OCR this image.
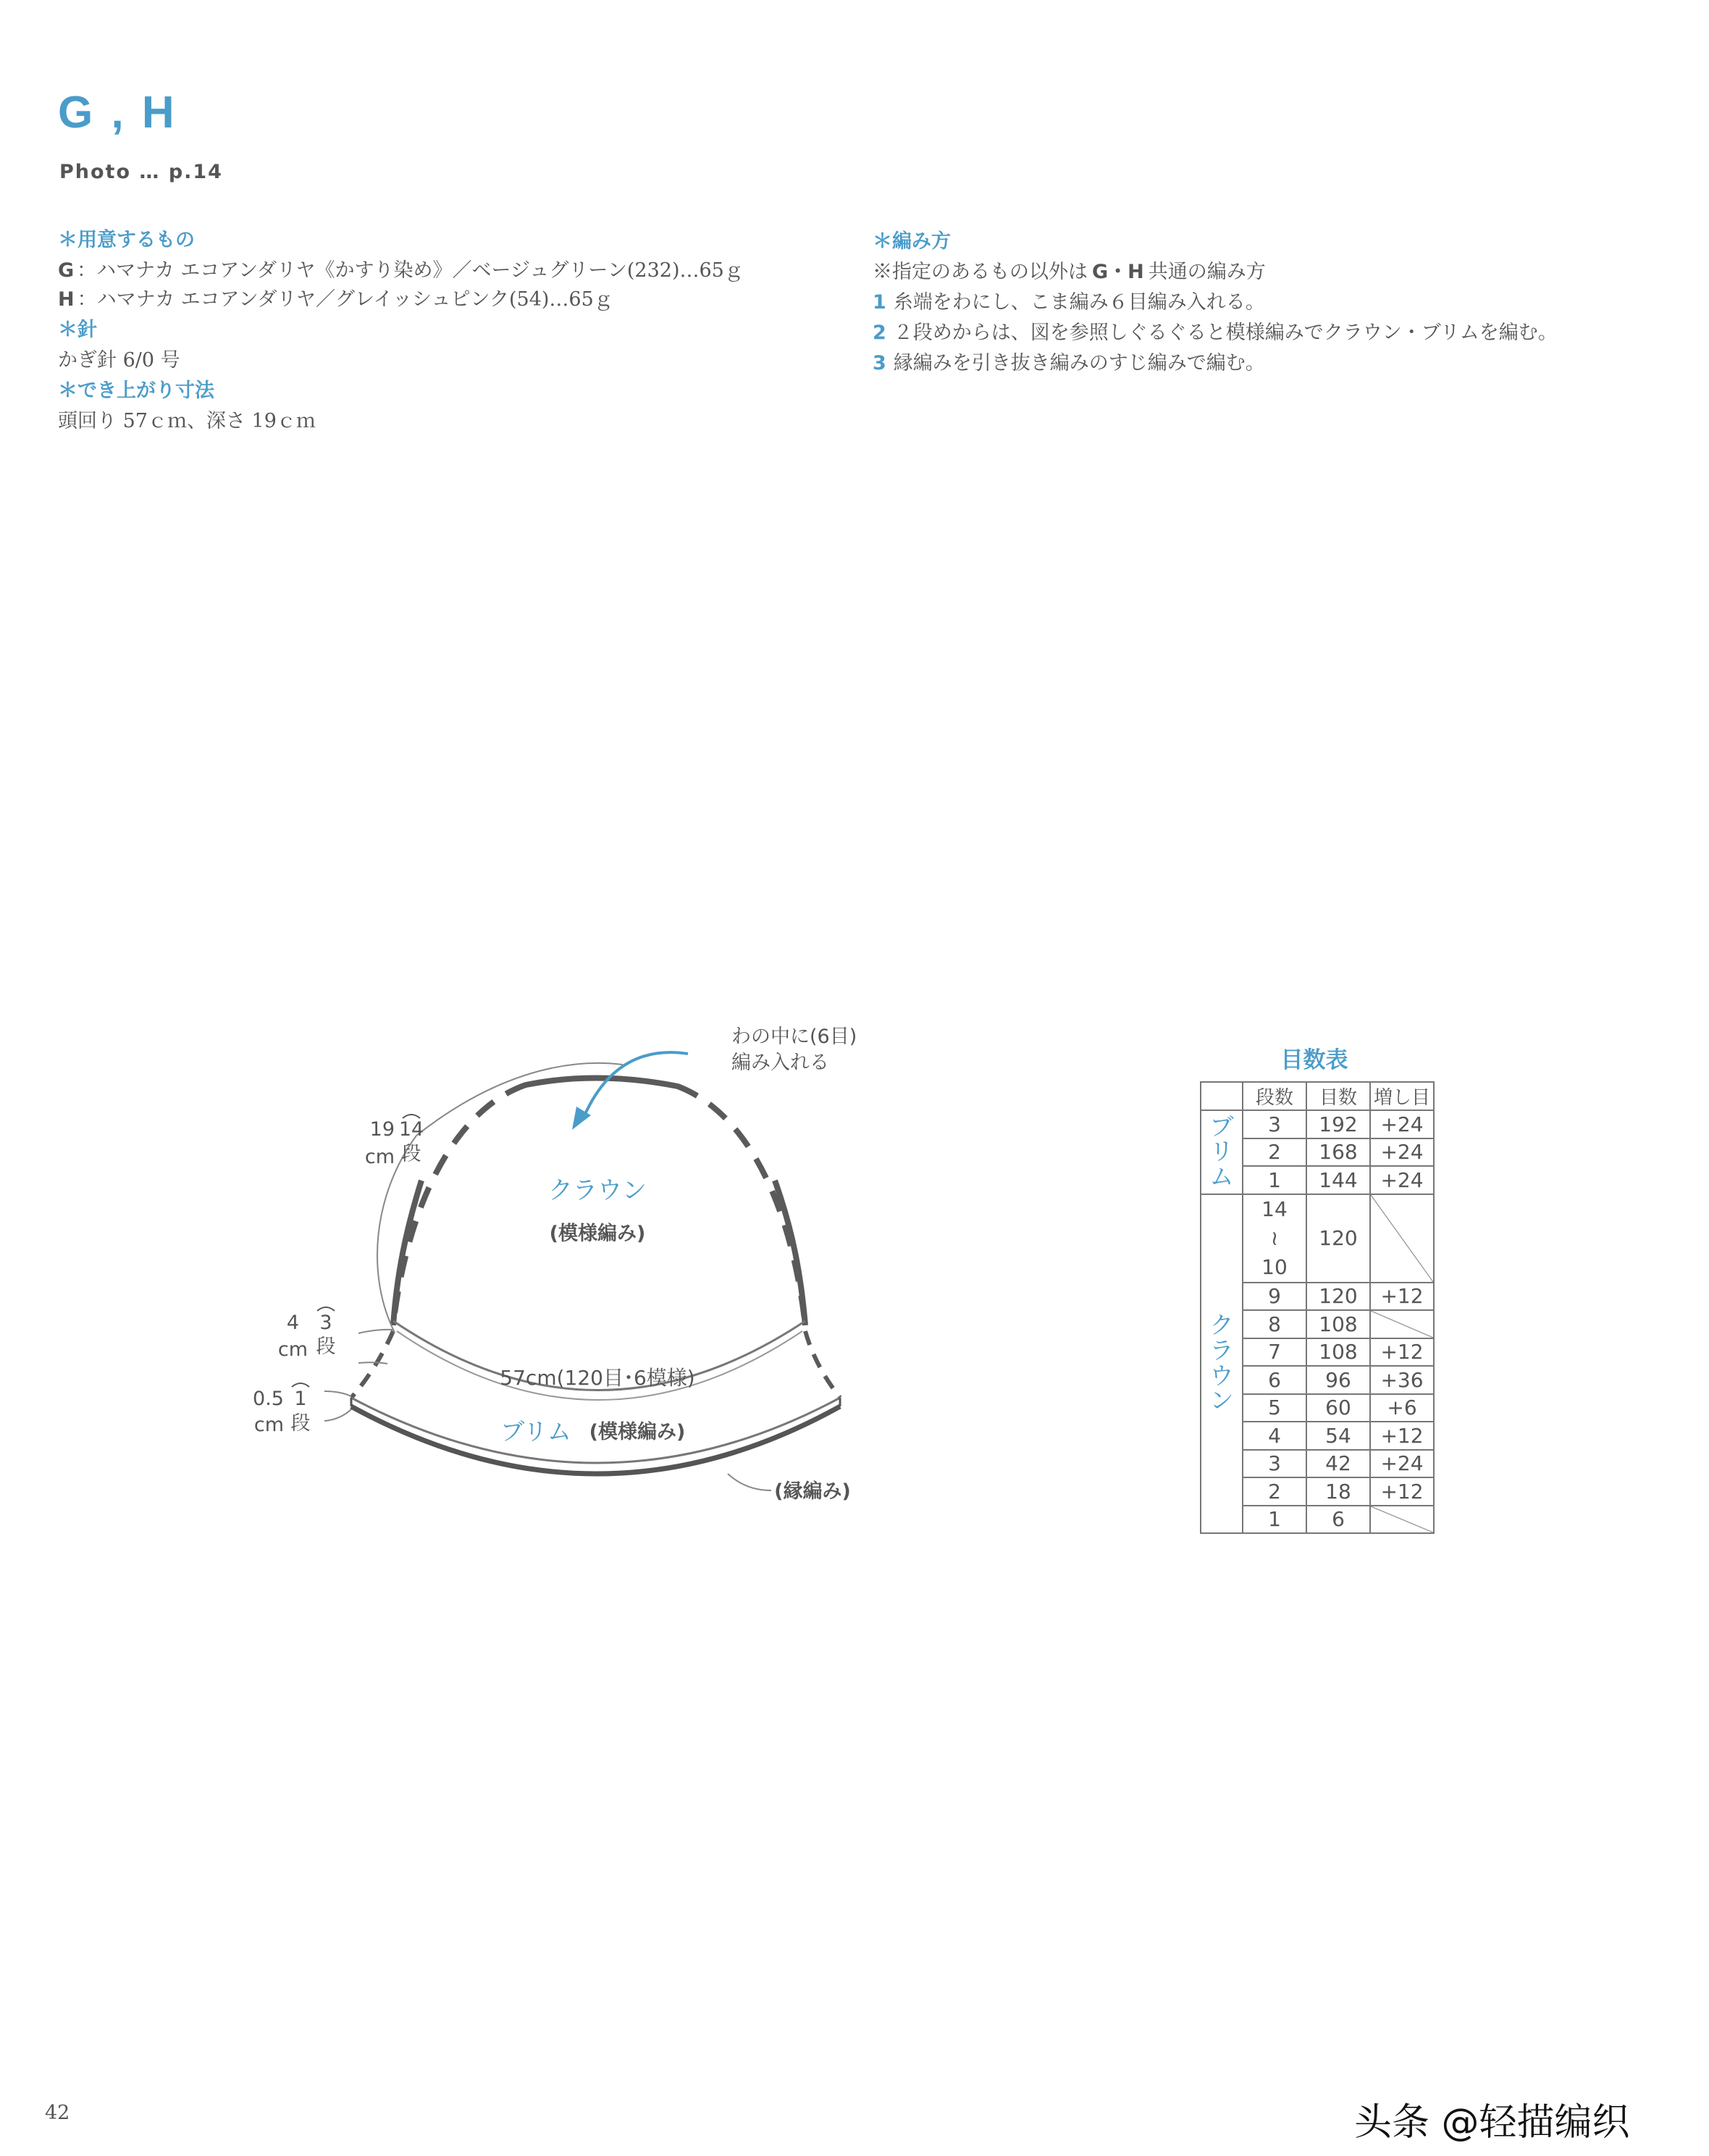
G , H
Photo … p.14
＊用意するもの
G ：ハマナカ エコアンダリヤ《かすり染め》／ベージュグリーン(232)…65ｇ
H ：ハマナカ エコアンダリヤ／グレイッシュピンク(54)…65ｇ
＊針
かぎ針 6/0 号
＊でき上がり寸法
頭回り 57ｃｍ、深さ 19ｃｍ
＊編み方
※指定のあるもの以外は G・H 共通の編み方
1 糸端をわにし、こま編み６目編み入れる。
2 ２段めからは、図を参照しぐるぐると模様編みでクラウン・ブリムを編む。
3 縁編みを引き抜き編みのすじ編みで編む。
わの中に(6目)
編み入れる
クラウン
(模様編み)
57cm(120目･6模様)
ブリム (模様編み)
(縁編み)
19
cm
14
段
4
cm
3
段
0.5
cm
1
段
目数表
	段数	目数	増し目
ブリム	3	192	+24
	2	168	+24
	1	144	+24
クラウン	14
≀
10	120	
	9	120	+12
	8	108	
	7	108	+12
	6	96	+36
	5	60	+6
	4	54	+12
	3	42	+24
	2	18	+12
	1	6	
42	头条 @轻描编织
